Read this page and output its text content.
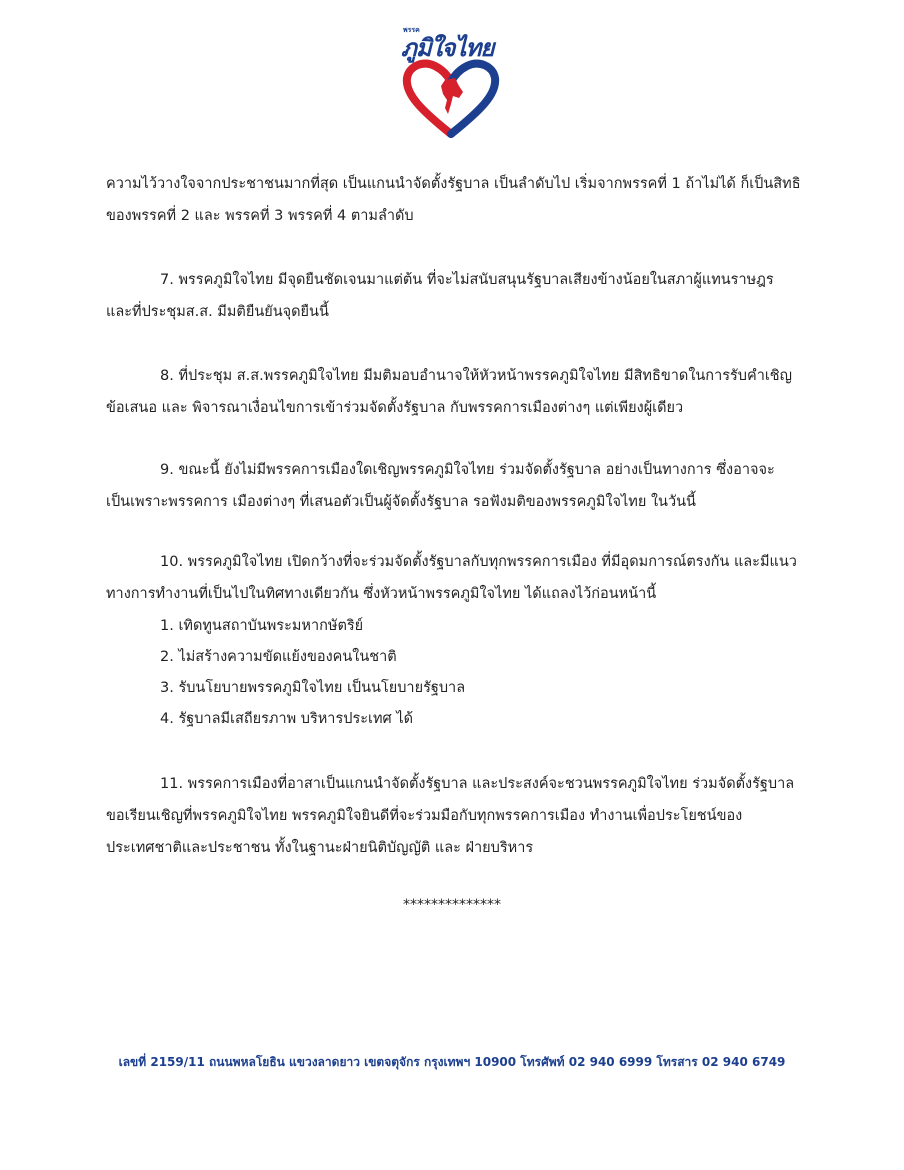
พรรค
ภูมิใจไทย
ความไว้วางใจจากประชาชนมากที่สุด เป็นแกนนำจัดตั้งรัฐบาล เป็นลำดับไป เริ่มจากพรรคที่ 1 ถ้าไม่ได้ ก็เป็นสิทธิ
ของพรรคที่ 2 และ พรรคที่ 3 พรรคที่ 4 ตามลำดับ
7. พรรคภูมิใจไทย มีจุดยืนชัดเจนมาแต่ต้น ที่จะไม่สนับสนุนรัฐบาลเสียงข้างน้อยในสภาผู้แทนราษฎร
และที่ประชุมส.ส. มีมติยืนยันจุดยืนนี้
8. ที่ประชุม ส.ส.พรรคภูมิใจไทย มีมติมอบอำนาจให้หัวหน้าพรรคภูมิใจไทย มีสิทธิขาดในการรับคำเชิญ
ข้อเสนอ และ พิจารณาเงื่อนไขการเข้าร่วมจัดตั้งรัฐบาล กับพรรคการเมืองต่างๆ แต่เพียงผู้เดียว
9. ขณะนี้ ยังไม่มีพรรคการเมืองใดเชิญพรรคภูมิใจไทย ร่วมจัดตั้งรัฐบาล อย่างเป็นทางการ ซึ่งอาจจะ
เป็นเพราะพรรคการ เมืองต่างๆ ที่เสนอตัวเป็นผู้จัดตั้งรัฐบาล รอฟังมติของพรรคภูมิใจไทย ในวันนี้
10. พรรคภูมิใจไทย เปิดกว้างที่จะร่วมจัดตั้งรัฐบาลกับทุกพรรคการเมือง ที่มีอุดมการณ์ตรงกัน และมีแนว
ทางการทำงานที่เป็นไปในทิศทางเดียวกัน ซึ่งหัวหน้าพรรคภูมิใจไทย ได้แถลงไว้ก่อนหน้านี้
1. เทิดทูนสถาบันพระมหากษัตริย์
2. ไม่สร้างความขัดแย้งของคนในชาติ
3. รับนโยบายพรรคภูมิใจไทย เป็นนโยบายรัฐบาล
4. รัฐบาลมีเสถียรภาพ บริหารประเทศ ได้
11. พรรคการเมืองที่อาสาเป็นแกนนำจัดตั้งรัฐบาล และประสงค์จะชวนพรรคภูมิใจไทย ร่วมจัดตั้งรัฐบาล
ขอเรียนเชิญที่พรรคภูมิใจไทย พรรคภูมิใจยินดีที่จะร่วมมือกับทุกพรรคการเมือง ทำงานเพื่อประโยชน์ของ
ประเทศชาติและประชาชน ทั้งในฐานะฝ่ายนิติบัญญัติ และ ฝ่ายบริหาร
**************
เลขที่ 2159/11 ถนนพหลโยธิน แขวงลาดยาว เขตจตุจักร กรุงเทพฯ 10900 โทรศัพท์ 02 940 6999 โทรสาร 02 940 6749
